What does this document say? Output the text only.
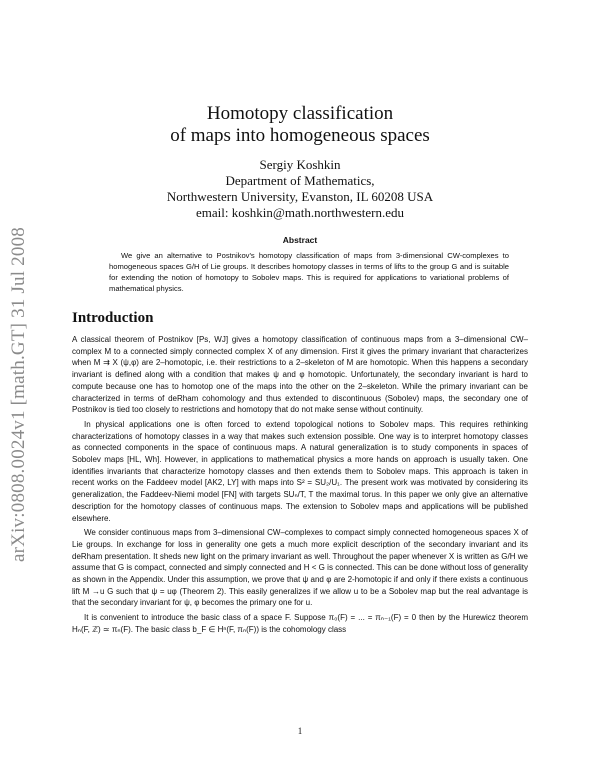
arXiv:0808.0024v1 [math.GT] 31 Jul 2008
Homotopy classification
of maps into homogeneous spaces
Sergiy Koshkin
Department of Mathematics,
Northwestern University, Evanston, IL 60208 USA
email: koshkin@math.northwestern.edu
Abstract
We give an alternative to Postnikov's homotopy classification of maps from 3-dimensional CW-complexes to homogeneous spaces G/H of Lie groups. It describes homotopy classes in terms of lifts to the group G and is suitable for extending the notion of homotopy to Sobolev maps. This is required for applications to variational problems of mathematical physics.
Introduction

A classical theorem of Postnikov [Ps, WJ] gives a homotopy classification of continuous maps from a 3–dimensional CW–complex M to a connected simply connected complex X of any dimension. First it gives the primary invariant that characterizes when M ⇉ X (ψ,φ) are 2–homotopic, i.e. their restrictions to a 2–skeleton of M are homotopic. When this happens a secondary invariant is defined along with a condition that makes ψ and φ homotopic. Unfortunately, the secondary invariant is hard to compute because one has to homotop one of the maps into the other on the 2–skeleton. While the primary invariant can be characterized in terms of deRham cohomology and thus extended to discontinuous (Sobolev) maps, the secondary one of Postnikov is tied too closely to restrictions and homotopy that do not make sense without continuity.

In physical applications one is often forced to extend topological notions to Sobolev maps. This requires rethinking characterizations of homotopy classes in a way that makes such extension possible. One way is to interpret homotopy classes as connected components in the space of continuous maps. A natural generalization is to study components in spaces of Sobolev maps [HL, Wh]. However, in applications to mathematical physics a more hands on approach is usually taken. One identifies invariants that characterize homotopy classes and then extends them to Sobolev maps. This approach is taken in recent works on the Faddeev model [AK2, LY] with maps into S² = SU₂/U₁. The present work was motivated by considering its generalization, the Faddeev-Niemi model [FN] with targets SUₙ/T, T the maximal torus. In this paper we only give an alternative description for the homotopy classes of continuous maps. The extension to Sobolev maps and applications will be published elsewhere.

We consider continuous maps from 3–dimensional CW–complexes to compact simply connected homogeneous spaces X of Lie groups. In exchange for loss in generality one gets a much more explicit description of the secondary invariant and its deRham presentation. It sheds new light on the primary invariant as well. Throughout the paper whenever X is written as G/H we assume that G is compact, connected and simply connected and H < G is connected. This can be done without loss of generality as shown in the Appendix. Under this assumption, we prove that ψ and φ are 2-homotopic if and only if there exists a continuous lift M →u G such that ψ = uφ (Theorem 2). This easily generalizes if we allow u to be a Sobolev map but the real advantage is that the secondary invariant for ψ, φ becomes the primary one for u.

It is convenient to introduce the basic class of a space F. Suppose π₀(F) = ... = πₙ₋₁(F) = 0 then by the Hurewicz theorem Hₙ(F, ℤ) ≃ πₙ(F). The basic class b_F ∈ Hⁿ(F, πₙ(F)) is the cohomology class

1
